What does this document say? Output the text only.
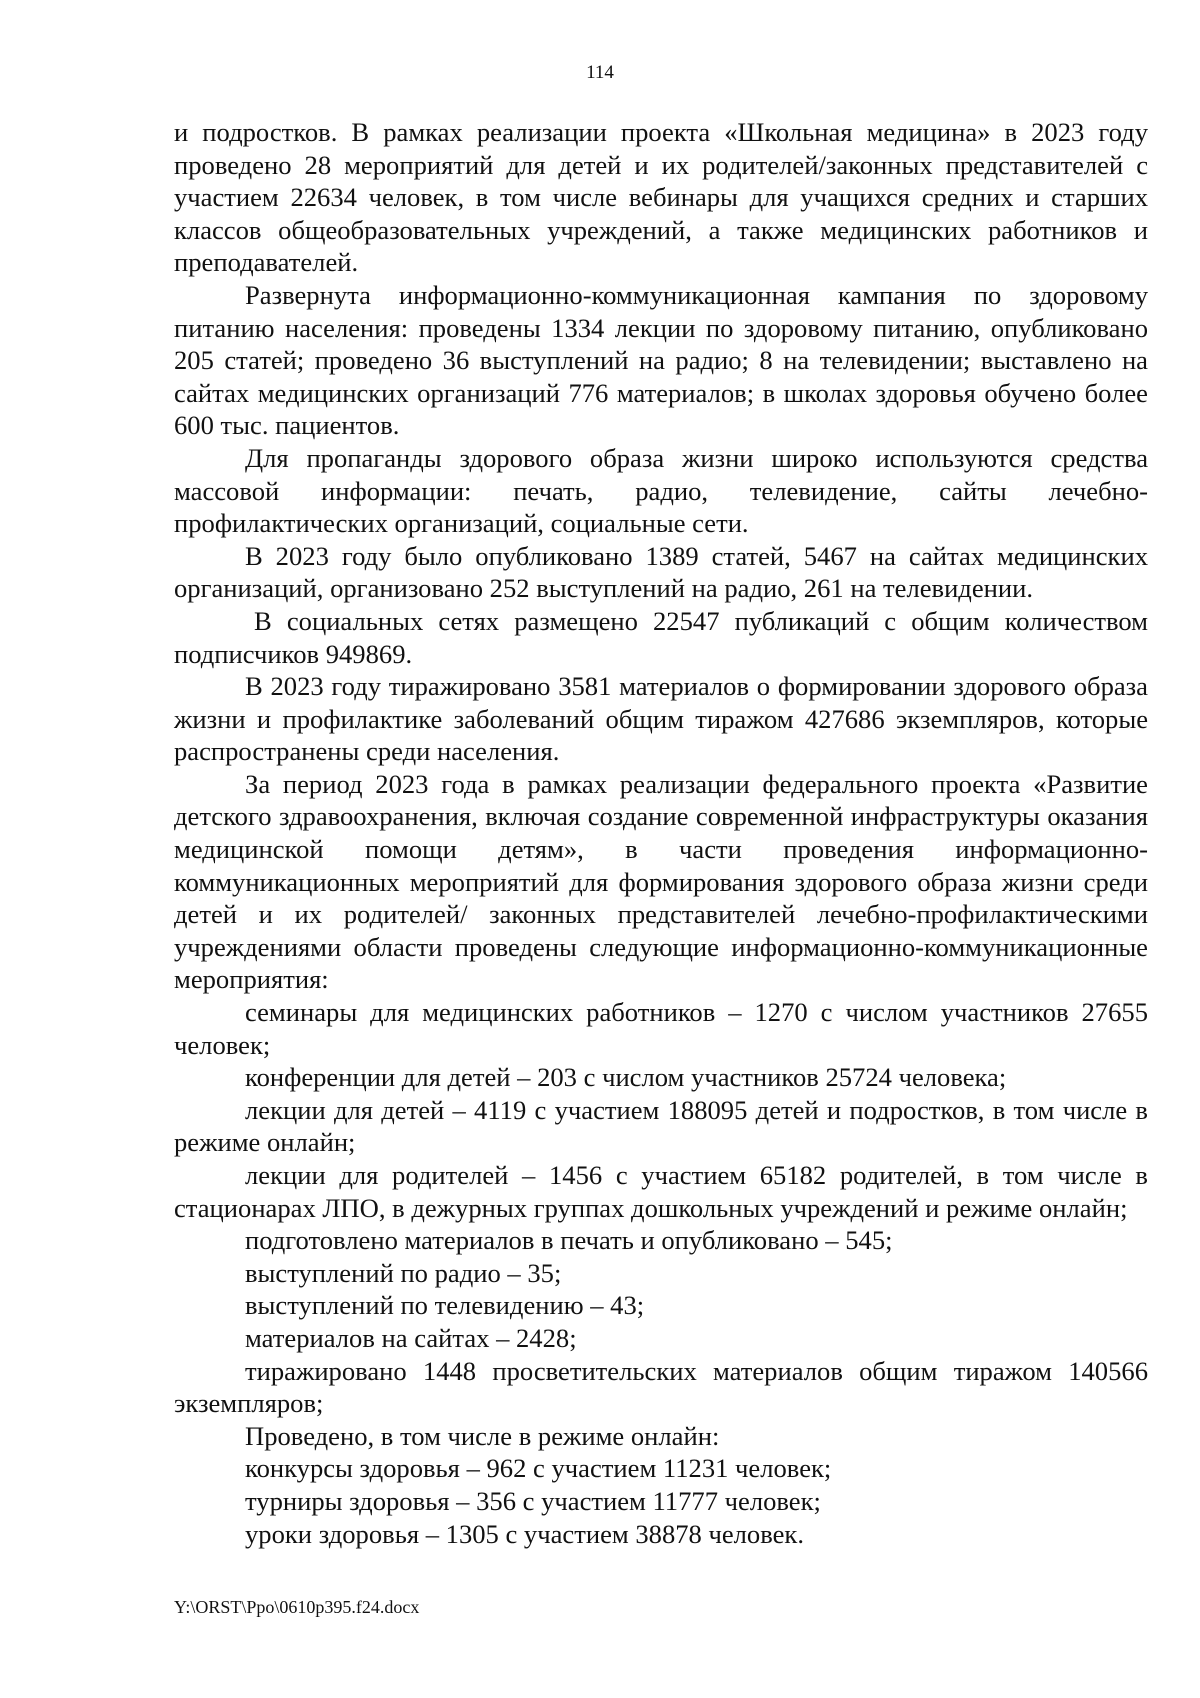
114

и подростков. В рамках реализации проекта «Школьная медицина» в 2023 году проведено 28 мероприятий для детей и их родителей/законных представителей с участием 22634 человек, в том числе вебинары для учащихся средних и старших классов общеобразовательных учреждений, а также медицинских работников и преподавателей.

Развернута информационно-коммуникационная кампания по здоровому питанию населения: проведены 1334 лекции по здоровому питанию, опубликовано 205 статей; проведено 36 выступлений на радио; 8 на телевидении; выставлено на сайтах медицинских организаций 776 материалов; в школах здоровья обучено более 600 тыс. пациентов.

Для пропаганды здорового образа жизни широко используются средства массовой информации: печать, радио, телевидение, сайты лечебно-профилактических организаций, социальные сети.

В 2023 году было опубликовано 1389 статей, 5467 на сайтах медицинских организаций, организовано 252 выступлений на радио, 261 на телевидении.

В социальных сетях размещено 22547 публикаций с общим количеством подписчиков 949869.

В 2023 году тиражировано 3581 материалов о формировании здорового образа жизни и профилактике заболеваний общим тиражом 427686 экземпляров, которые распространены среди населения.

За период 2023 года в рамках реализации федерального проекта «Развитие детского здравоохранения, включая создание современной инфраструктуры оказания медицинской помощи детям», в части проведения информационно-коммуникационных мероприятий для формирования здорового образа жизни среди детей и их родителей/ законных представителей лечебно-профилактическими учреждениями области проведены следующие информационно-коммуникационные мероприятия:

семинары для медицинских работников – 1270 с числом участников 27655 человек;

конференции для детей – 203 с числом участников 25724 человека;

лекции для детей – 4119 с участием 188095 детей и подростков, в том числе в режиме онлайн;

лекции для родителей – 1456 с участием 65182 родителей, в том числе в стационарах ЛПО, в дежурных группах дошкольных учреждений и режиме онлайн;

подготовлено материалов в печать и опубликовано – 545;

выступлений по радио – 35;

выступлений по телевидению – 43;

материалов на сайтах – 2428;

тиражировано 1448 просветительских материалов общим тиражом 140566 экземпляров;

Проведено, в том числе в режиме онлайн:

конкурсы здоровья – 962 с участием 11231 человек;

турниры здоровья – 356 с участием 11777 человек;

уроки здоровья – 1305 с участием 38878 человек.

Y:\ORST\Ppo\0610p395.f24.docx
